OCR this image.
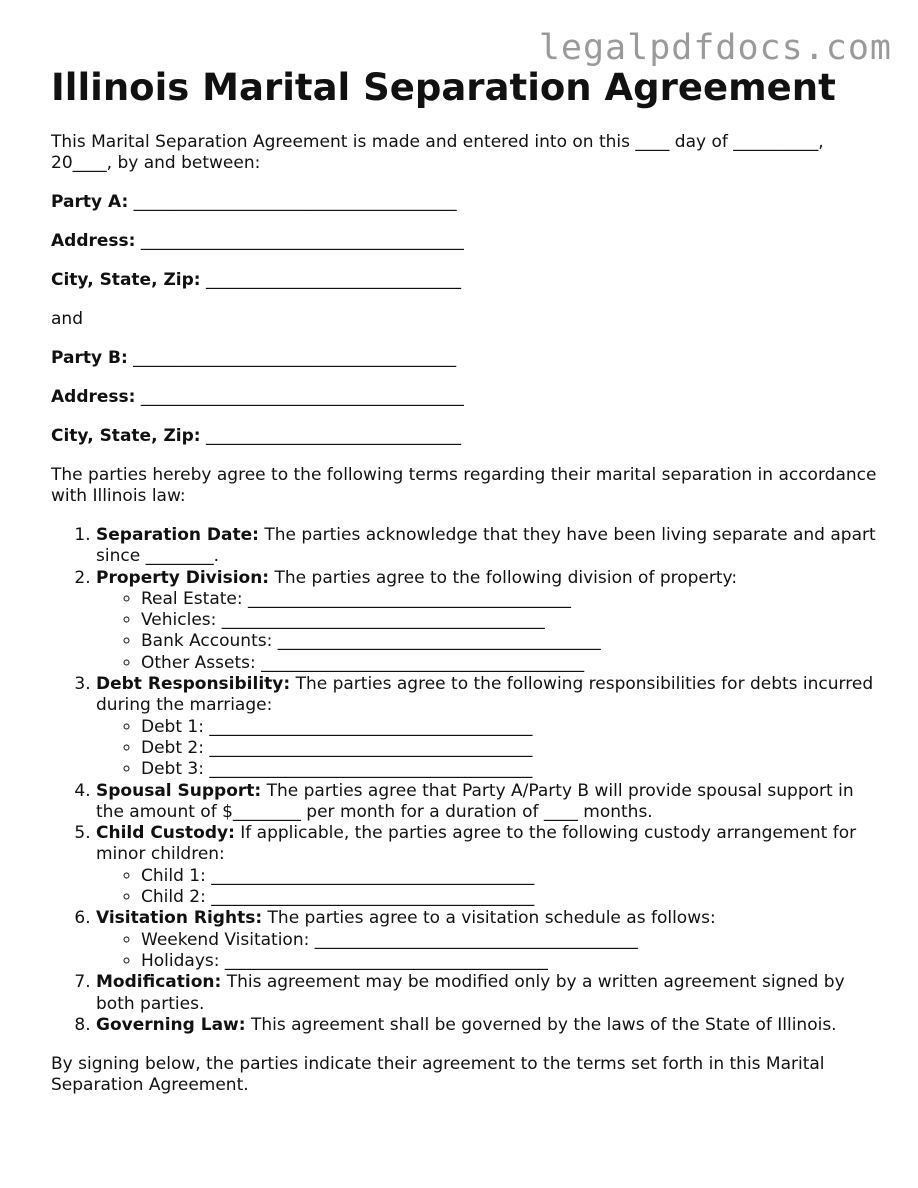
legalpdfdocs.com
Illinois Marital Separation Agreement

This Marital Separation Agreement is made and entered into on this ____ day of __________, 20____, by and between:

Party A: ______________________________________

Address: ______________________________________

City, State, Zip: ______________________________

and

Party B: ______________________________________

Address: ______________________________________

City, State, Zip: ______________________________

The parties hereby agree to the following terms regarding their marital separation in accordance with Illinois law:

1. Separation Date: The parties acknowledge that they have been living separate and apart since ________.
2. Property Division: The parties agree to the following division of property:
◦ Real Estate: ______________________________________
◦ Vehicles: ______________________________________
◦ Bank Accounts: ______________________________________
◦ Other Assets: ______________________________________
3. Debt Responsibility: The parties agree to the following responsibilities for debts incurred during the marriage:
◦ Debt 1: ______________________________________
◦ Debt 2: ______________________________________
◦ Debt 3: ______________________________________
4. Spousal Support: The parties agree that Party A/Party B will provide spousal support in the amount of $________ per month for a duration of ____ months.
5. Child Custody: If applicable, the parties agree to the following custody arrangement for minor children:
◦ Child 1: ______________________________________
◦ Child 2: ______________________________________
6. Visitation Rights: The parties agree to a visitation schedule as follows:
◦ Weekend Visitation: ______________________________________
◦ Holidays: ______________________________________
7. Modification: This agreement may be modified only by a written agreement signed by both parties.
8. Governing Law: This agreement shall be governed by the laws of the State of Illinois.

By signing below, the parties indicate their agreement to the terms set forth in this Marital Separation Agreement.
